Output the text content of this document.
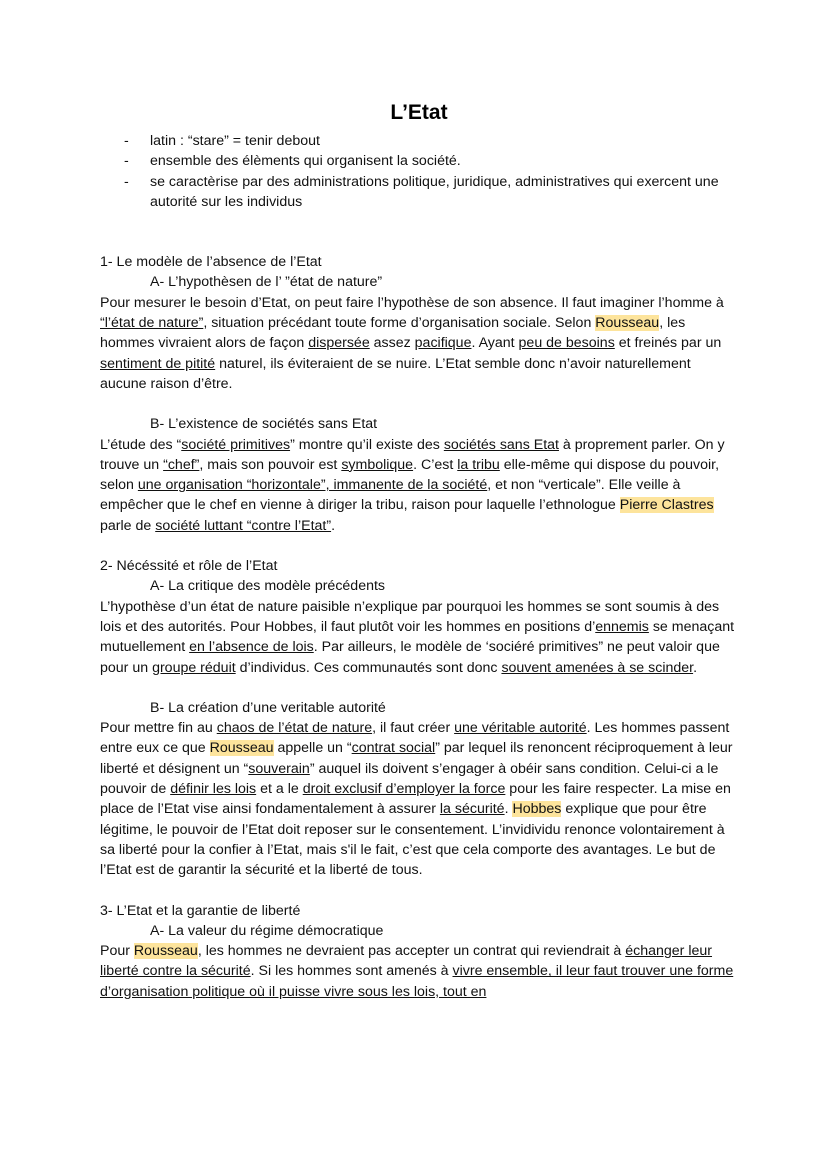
L’Etat
- latin : “stare” = tenir debout
- ensemble des élèments qui organisent la société.
- se caractèrise par des administrations politique, juridique, administratives qui exercent une autorité sur les individus

1- Le modèle de l’absence de l’Etat

A- L’hypothèsen de l’ ”état de nature”

Pour mesurer le besoin d’Etat, on peut faire l’hypothèse de son absence. Il faut imaginer l’homme à “l’état de nature”, situation précédant toute forme d’organisation sociale. Selon Rousseau, les hommes vivraient alors de façon dispersée assez pacifique. Ayant peu de besoins et freinés par un sentiment de pitité naturel, ils éviteraient de se nuire. L’Etat semble donc n’avoir naturellement aucune raison d’être.

B- L’existence de sociétés sans Etat

L’étude des “société primitives” montre qu’il existe des sociétés sans Etat à proprement parler. On y trouve un “chef”, mais son pouvoir est symbolique. C’est la tribu elle-même qui dispose du pouvoir, selon une organisation “horizontale”, immanente de la société, et non “verticale”. Elle veille à empêcher que le chef en vienne à diriger la tribu, raison pour laquelle l’ethnologue Pierre Clastres parle de société luttant “contre l’Etat”.

2- Nécéssité et rôle de l’Etat

A- La critique des modèle précédents

L’hypothèse d’un état de nature paisible n’explique par pourquoi les hommes se sont soumis à des lois et des autorités. Pour Hobbes, il faut plutôt voir les hommes en positions d’ennemis se menaçant mutuellement en l’absence de lois. Par ailleurs, le modèle de ‘sociéré primitives” ne peut valoir que pour un groupe réduit d’individus. Ces communautés sont donc souvent amenées à se scinder.

B- La création d’une veritable autorité

Pour mettre fin au chaos de l’état de nature, il faut créer une véritable autorité. Les hommes passent entre eux ce que Rousseau appelle un “contrat social” par lequel ils renoncent réciproquement à leur liberté et désignent un “souverain” auquel ils doivent s’engager à obéir sans condition. Celui-ci a le pouvoir de définir les lois et a le droit exclusif d’employer la force pour les faire respecter. La mise en place de l’Etat vise ainsi fondamentalement à assurer la sécurité. Hobbes explique que pour être légitime, le pouvoir de l’Etat doit reposer sur le consentement. L’invidividu renonce volontairement à sa liberté pour la confier à l’Etat, mais s'il le fait, c’est que cela comporte des avantages. Le but de l’Etat est de garantir la sécurité et la liberté de tous.

3- L’Etat et la garantie de liberté

A- La valeur du régime démocratique

Pour Rousseau, les hommes ne devraient pas accepter un contrat qui reviendrait à échanger leur liberté contre la sécurité. Si les hommes sont amenés à vivre ensemble, il leur faut trouver une forme d’organisation politique où il puisse vivre sous les lois, tout en
